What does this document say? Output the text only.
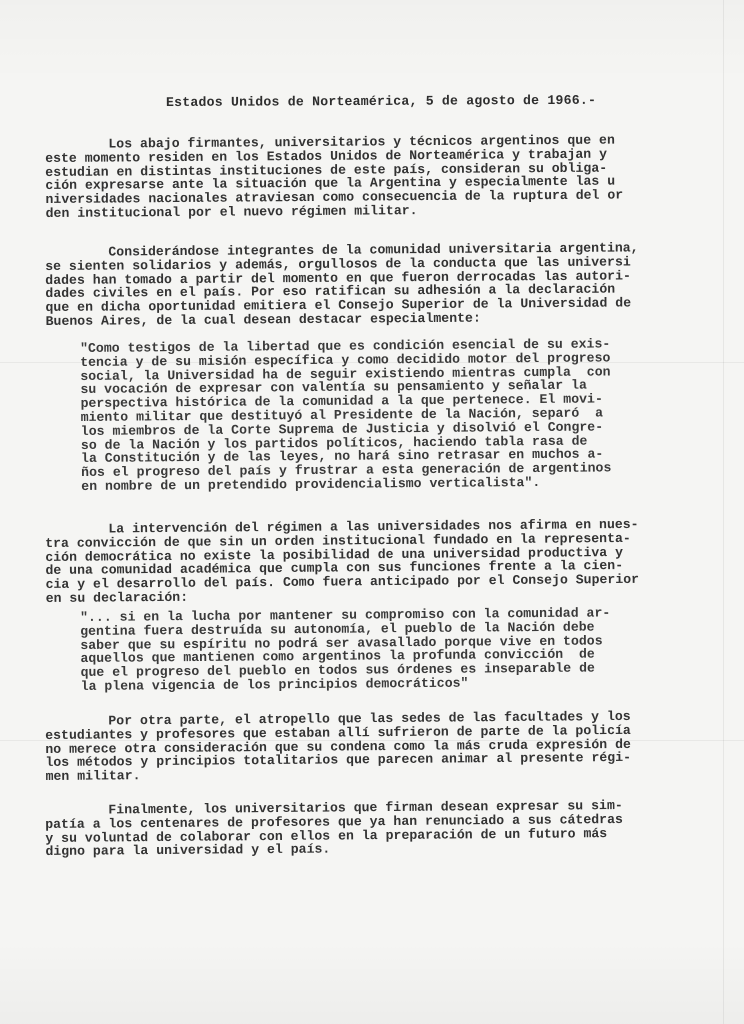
Estados Unidos de Norteamérica, 5 de agosto de 1966.-

Los abajo firmantes, universitarios y técnicos argentinos que en
este momento residen en los Estados Unidos de Norteamérica y trabajan y
estudian en distintas instituciones de este país, consideran su obliga-
ción expresarse ante la situación que la Argentina y especialmente las u
niversidades nacionales atraviesan como consecuencia de la ruptura del or
den institucional por el nuevo régimen militar.

Considerándose integrantes de la comunidad universitaria argentina,
se sienten solidarios y además, orgullosos de la conducta que las universi
dades han tomado a partir del momento en que fueron derrocadas las autori-
dades civiles en el país. Por eso ratifican su adhesión a la declaración
que en dicha oportunidad emitiera el Consejo Superior de la Universidad de
Buenos Aires, de la cual desean destacar especialmente:

"Como testigos de la libertad que es condición esencial de su exis-
tencia y de su misión específica y como decidido motor del progreso
social, la Universidad ha de seguir existiendo mientras cumpla  con
su vocación de expresar con valentía su pensamiento y señalar la
perspectiva histórica de la comunidad a la que pertenece. El movi-
miento militar que destituyó al Presidente de la Nación, separó  a
los miembros de la Corte Suprema de Justicia y disolvió el Congre-
so de la Nación y los partidos políticos, haciendo tabla rasa de
la Constitución y de las leyes, no hará sino retrasar en muchos a-
ños el progreso del país y frustrar a esta generación de argentinos
en nombre de un pretendido providencialismo verticalista".

La intervención del régimen a las universidades nos afirma en nues-
tra convicción de que sin un orden institucional fundado en la representa-
ción democrática no existe la posibilidad de una universidad productiva y
de una comunidad académica que cumpla con sus funciones frente a la cien-
cia y el desarrollo del país. Como fuera anticipado por el Consejo Superior
en su declaración:

"... si en la lucha por mantener su compromiso con la comunidad ar-
gentina fuera destruída su autonomía, el pueblo de la Nación debe
saber que su espíritu no podrá ser avasallado porque vive en todos
aquellos que mantienen como argentinos la profunda convicción  de
que el progreso del pueblo en todos sus órdenes es inseparable de
la plena vigencia de los principios democráticos"

Por otra parte, el atropello que las sedes de las facultades y los
estudiantes y profesores que estaban allí sufrieron de parte de la policía
no merece otra consideración que su condena como la más cruda expresión de
los métodos y principios totalitarios que parecen animar al presente régi-
men militar.

Finalmente, los universitarios que firman desean expresar su sim-
patía a los centenares de profesores que ya han renunciado a sus cátedras
y su voluntad de colaborar con ellos en la preparación de un futuro más
digno para la universidad y el país.
